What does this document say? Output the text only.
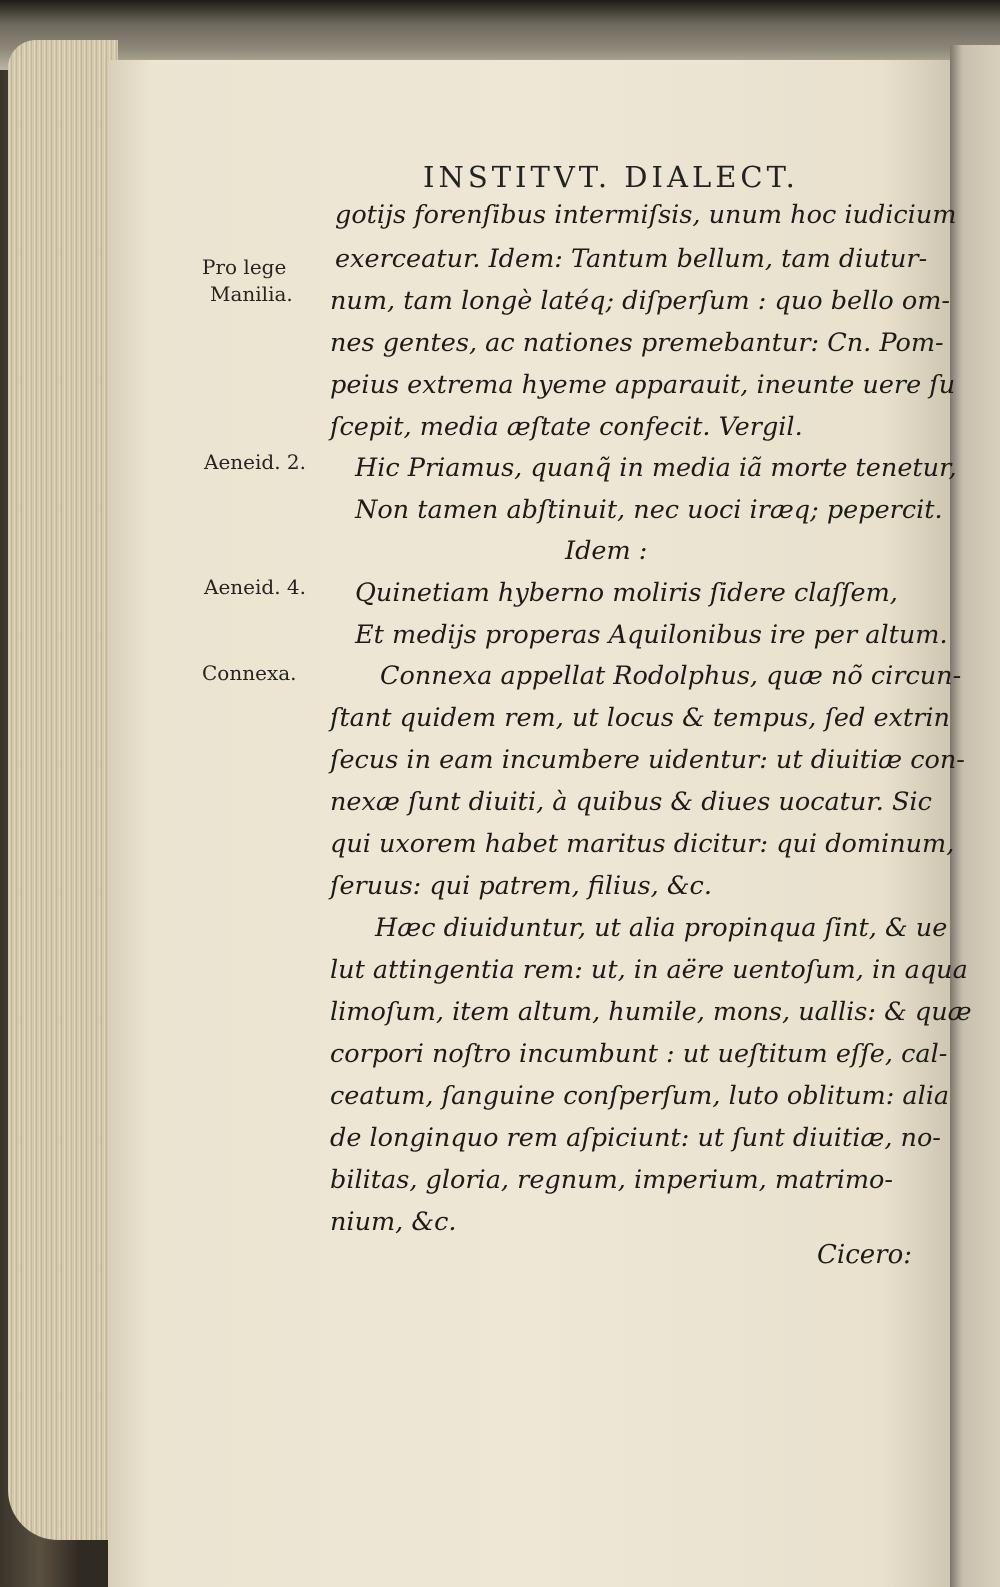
INSTITVT. DIALECT.
Pro lege
Manilia.
Aeneid. 2.
Aeneid. 4.
Connexa.
gotijs forenſibus intermiſsis, unum hoc iudicium
exerceatur. Idem: Tantum bellum, tam diutur-
num, tam longè latéq; diſperſum : quo bello om-
nes gentes, ac nationes premebantur: Cn. Pom-
peius extrema hyeme apparauit, ineunte uere ſu
ſcepit, media æſtate confecit. Vergil.
Hic Priamus, quanq̃ in media iã morte tenetur,
Non tamen abſtinuit, nec uoci iræq; pepercit.
Idem :
Quinetiam hyberno moliris ſidere claſſem,
Et medijs properas Aquilonibus ire per altum.
Connexa appellat Rodolphus, quæ nõ circun-
ſtant quidem rem, ut locus & tempus, ſed extrin
ſecus in eam incumbere uidentur: ut diuitiæ con-
nexæ ſunt diuiti, à quibus & diues uocatur. Sic
qui uxorem habet maritus dicitur: qui dominum,
ſeruus: qui patrem, filius, &c.
Hæc diuiduntur, ut alia propinqua ſint, & ue
lut attingentia rem: ut, in aëre uentoſum, in aqua
limoſum, item altum, humile, mons, uallis: & quæ
corpori noſtro incumbunt : ut ueſtitum eſſe, cal-
ceatum, ſanguine conſperſum, luto oblitum: alia
de longinquo rem aſpiciunt: ut ſunt diuitiæ, no-
bilitas, gloria, regnum, imperium, matrimo-
nium, &c.
Cicero:
